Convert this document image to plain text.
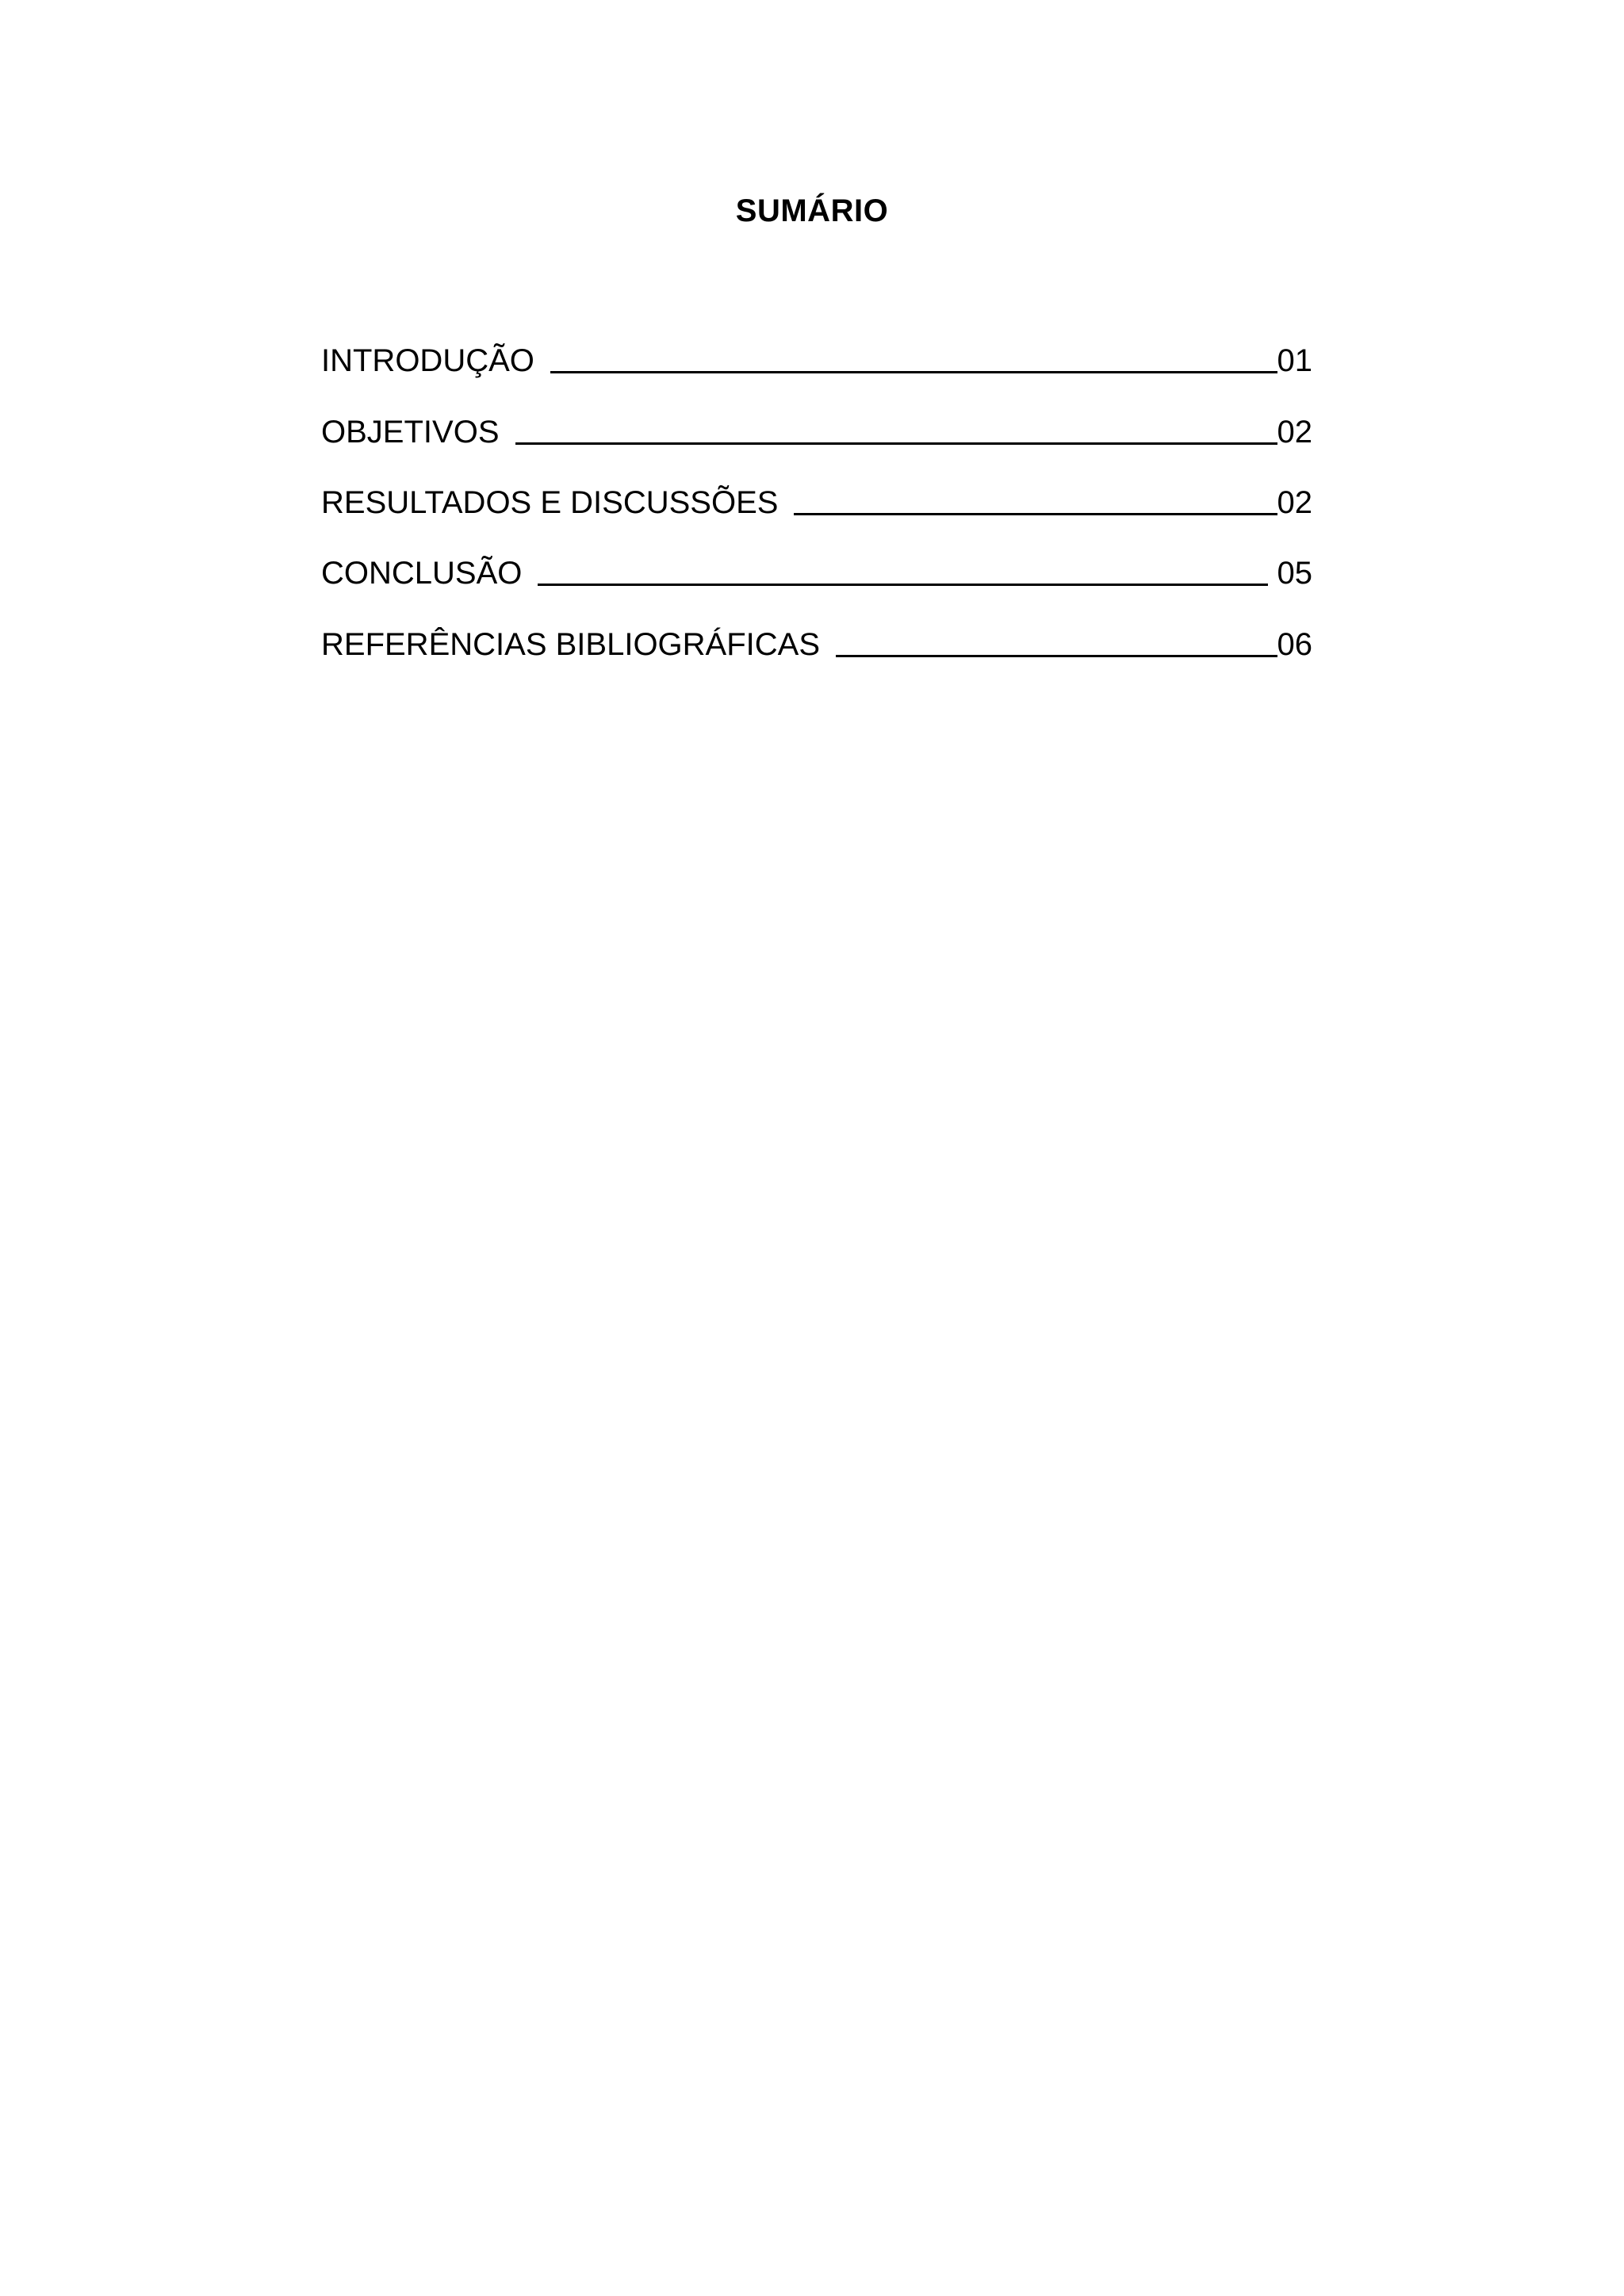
SUMÁRIO
INTRODUÇÃO	01
OBJETIVOS	02
RESULTADOS E DISCUSSÕES	02
CONCLUSÃO	05
REFERÊNCIAS BIBLIOGRÁFICAS	06
